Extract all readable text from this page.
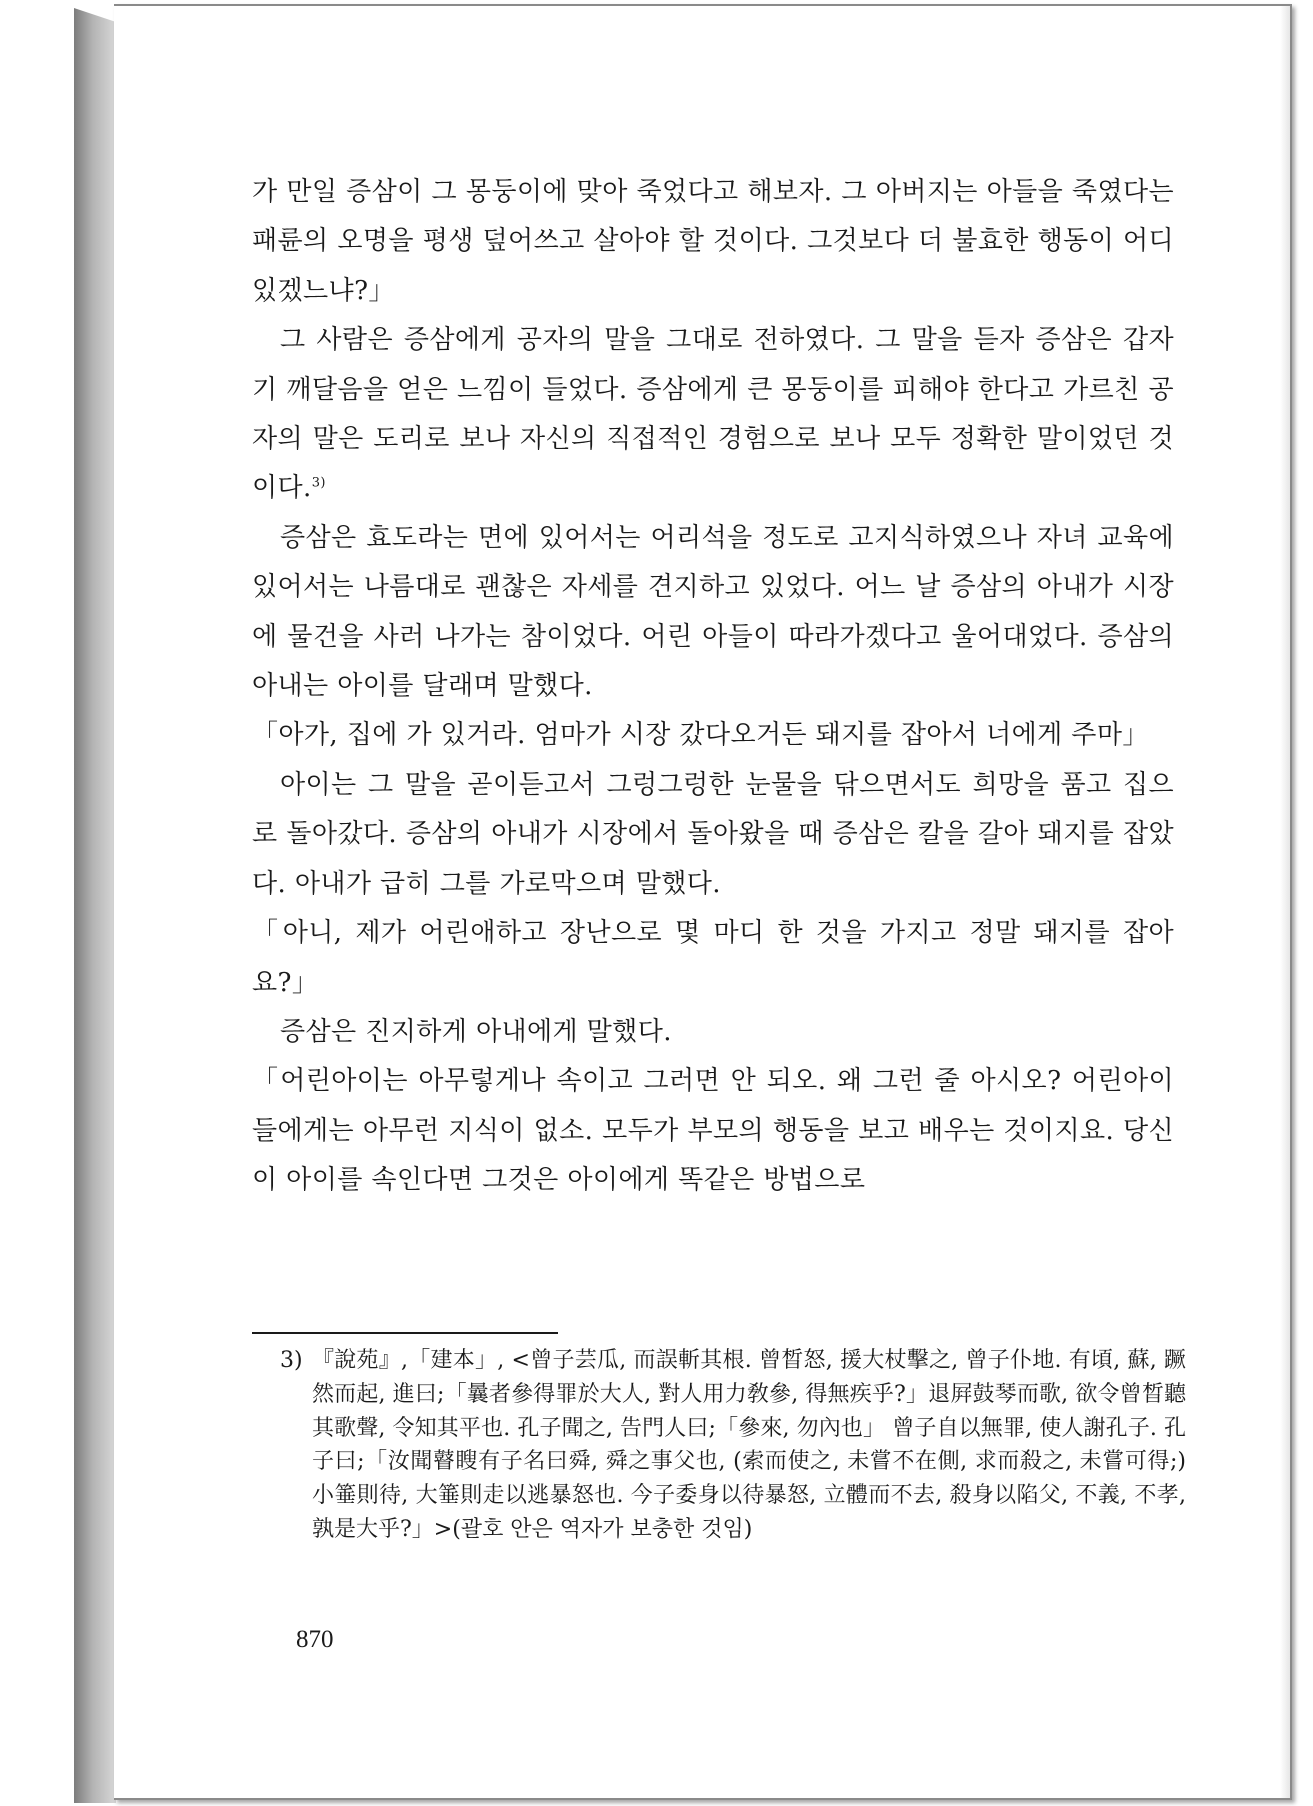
가 만일 증삼이 그 몽둥이에 맞아 죽었다고 해보자. 그 아버지는 아들을 죽였다는 패륜의 오명을 평생 덮어쓰고 살아야 할 것이다. 그것보다 더 불효한 행동이 어디 있겠느냐?」

그 사람은 증삼에게 공자의 말을 그대로 전하였다. 그 말을 듣자 증삼은 갑자기 깨달음을 얻은 느낌이 들었다. 증삼에게 큰 몽둥이를 피해야 한다고 가르친 공자의 말은 도리로 보나 자신의 직접적인 경험으로 보나 모두 정확한 말이었던 것이다.$^{3)}$

증삼은 효도라는 면에 있어서는 어리석을 정도로 고지식하였으나 자녀 교육에 있어서는 나름대로 괜찮은 자세를 견지하고 있었다. 어느 날 증삼의 아내가 시장에 물건을 사러 나가는 참이었다. 어린 아들이 따라가겠다고 울어대었다. 증삼의 아내는 아이를 달래며 말했다.

「아가, 집에 가 있거라. 엄마가 시장 갔다오거든 돼지를 잡아서 너에게 주마」

아이는 그 말을 곧이듣고서 그렁그렁한 눈물을 닦으면서도 희망을 품고 집으로 돌아갔다. 증삼의 아내가 시장에서 돌아왔을 때 증삼은 칼을 갈아 돼지를 잡았다. 아내가 급히 그를 가로막으며 말했다.

「아니, 제가 어린애하고 장난으로 몇 마디 한 것을 가지고 정말 돼지를 잡아요?」

증삼은 진지하게 아내에게 말했다.

「어린아이는 아무렇게나 속이고 그러면 안 되오. 왜 그런 줄 아시오? 어린아이들에게는 아무런 지식이 없소. 모두가 부모의 행동을 보고 배우는 것이지요. 당신이 아이를 속인다면 그것은 아이에게 똑같은 방법으로

3) 『說苑』,「建本」, <曾子芸瓜, 而誤斬其根. 曾晳怒, 援大杖擊之, 曾子仆地. 有頃, 蘇, 蹶然而起, 進曰;「曩者參得罪於大人, 對人用力敎參, 得無疾乎?」退屛鼓琴而歌, 欲令曾晳聽其歌聲, 令知其平也. 孔子聞之, 告門人曰;「參來, 勿內也」 曾子自以無罪, 使人謝孔子. 孔子曰;「汝聞瞽瞍有子名曰舜, 舜之事父也, (索而使之, 未嘗不在側, 求而殺之, 未嘗可得;) 小箠則待, 大箠則走以逃暴怒也. 今子委身以待暴怒, 立體而不去, 殺身以陷父, 不義, 不孝, 孰是大乎?」>(괄호 안은 역자가 보충한 것임)
870
